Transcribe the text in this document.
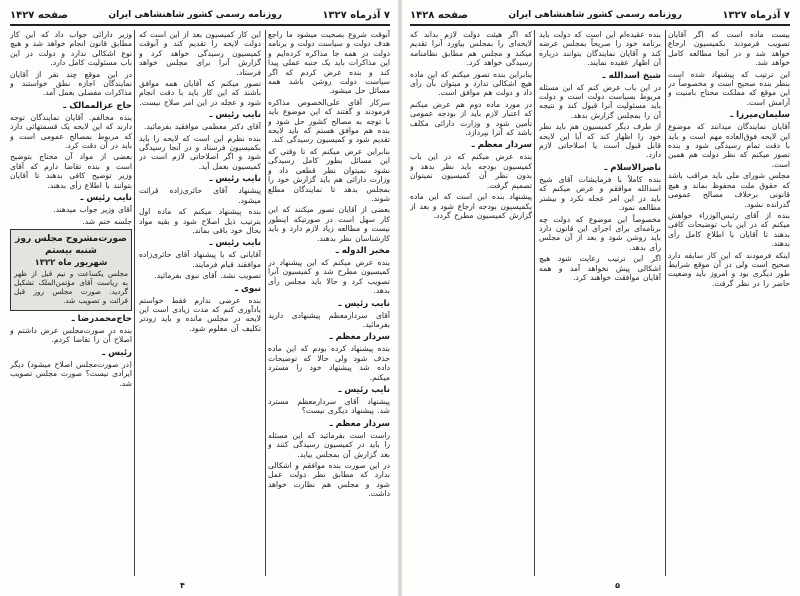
۷ آذرماه ۱۳۲۷
روزنامه رسمی کشور شاهنشاهی ایران
صفحه ۱۴۲۷

آنوقت شروع بصحبت میشود ما راجع هدف دولت و سیاست دولت و برنامه دولت در همه جا مذاکره کرده‌ایم و این مذاکرات باید یک جنبه عملی پیدا کند و بنده عرض کردم که اگر سیاست دولت روشن باشد همه مسائل حل میشود.

سرکار آقای علی‌الخصوص مذاکره فرمودند و گفتند که این موضوع باید با توجه به مصالح کشور حل شود و بنده هم موافق هستم که باید لایحه تقدیم شود و کمیسیون رسیدگی کند.

بنابراین عرض میکنم که تا وقتی که این مسائل بطور کامل رسیدگی نشود نمیتوان نظر قطعی داد و وزارت دارائی هم باید گزارش خود را بمجلس بدهد تا نمایندگان مطلع شوند.

بعضی از آقایان تصور میکنند که این کار سهل است در صورتیکه اینطور نیست و مطالعه زیاد لازم دارد و باید کارشناسان نظر بدهند.

مخبر الدوله ـ

بنده عرض میکنم که این پیشنهاد در کمیسیون مطرح شد و کمیسیون آنرا تصویب کرد و حالا باید مجلس رأی بدهد.

نایب رئیس ـ

آقای سردارمعظم پیشنهادی دارید بفرمائید.

سردار معظم ـ

بنده پیشنهاد کرده بودم که این ماده حذف شود ولی حالا که توضیحات داده شد پیشنهاد خود را مسترد میکنم.

نایب رئیس ـ

پیشنهاد آقای سردارمعظم مسترد شد. پیشنهاد دیگری نیست؟

سردار معظم ـ

راست است بفرمائید که این مسئله را باید در کمیسیون رسیدگی کنند و بعد گزارش آن بمجلس بیاید.

در این صورت بنده موافقم و اشکالی ندارد که مطابق نظر دولت عمل شود و مجلس هم نظارت خواهد داشت.

این کار کمیسیون بعد از این است که دولت لایحه را تقدیم کند و آنوقت کمیسیون رسیدگی خواهد کرد و گزارش آنرا برای مجلس خواهد فرستاد.

تصور میکنم که آقایان همه موافق باشند که این کار باید با دقت انجام شود و عجله در این امر صلاح نیست.

نایب رئیس ـ

آقای دکتر معظمی موافقید بفرمائید.

بنده نظرم این است که لایحه را باید بکمیسیون فرستاد و در آنجا رسیدگی شود و اگر اصلاحاتی لازم است در کمیسیون بعمل آید.

نایب رئیس ـ

پیشنهاد آقای حائری‌زاده قرائت میشود.

بنده پیشنهاد میکنم که ماده اول بترتیب ذیل اصلاح شود و بقیه مواد بحال خود باقی بماند.

نایب رئیس ـ

آقایانی که با پیشنهاد آقای حائری‌زاده موافقند قیام فرمایند.

تصویب نشد. آقای نبوی بفرمائید.

نبوی ـ

بنده عرضی ندارم فقط خواستم یادآوری کنم که مدت زیادی است این لایحه در مجلس مانده و باید زودتر تکلیف آن معلوم شود.

وزیر دارائی جواب داد که این کار مطابق قانون انجام خواهد شد و هیچ نوع اشکالی ندارد و دولت در این باب مسئولیت کامل دارد.

در این موقع چند نفر از آقایان نمایندگان اجازه نطق خواستند و مذاکرات مفصلی بعمل آمد.

حاج عزالممالک ـ

بنده مخالفم. آقایان نمایندگان توجه دارند که این لایحه یک قسمتهائی دارد که مربوط بمصالح عمومی است و باید در آن دقت کرد.

بعضی از مواد آن محتاج بتوضیح است و بنده تقاضا دارم که آقای وزیر توضیح کافی بدهند تا آقایان بتوانند با اطلاع رأی بدهند.

نایب رئیس ـ

آقای وزیر جواب میدهند.

جلسه ختم شد.

صورت‌مشروح مجلس روز شنبه بیستم
شهریور ماه ۱۳۲۲

مجلس یکساعت و نیم قبل از ظهر به ریاست آقای مؤتمن‌الملک تشکیل گردید. صورت مجلس روز قبل قرائت و تصویب شد.

حاج‌محمدرضا ـ

بنده در صورت‌مجلس عرض داشتم و اصلاح آن را تقاضا کردم.

رئیس ـ

(در صورت‌مجلس اصلاح میشود) دیگر ایرادی نیست؟ صورت مجلس تصویب شد.

۴
۷ آذرماه ۱۳۲۷
روزنامه رسمی کشور شاهنشاهی ایران
صفحه ۱۴۲۸

بیست ماده است که اگر آقایان تصویب فرمودند بکمیسیون ارجاع خواهد شد و در آنجا مطالعه کامل خواهد شد.

این ترتیب که پیشنهاد شده است بنظر بنده صحیح است و مخصوصاً در این موقع که مملکت محتاج بامنیت و آرامش است.

سلیمان‌میرزا ـ

آقایان نمایندگان میدانند که موضوع این لایحه فوق‌العاده مهم است و باید با دقت تمام رسیدگی شود و بنده تصور میکنم که نظر دولت هم همین است.

مجلس شورای ملی باید مراقب باشد که حقوق ملت محفوظ بماند و هیچ قانونی برخلاف مصالح عمومی گذرانده نشود.

بنده از آقای رئیس‌الوزراء خواهش میکنم که در این باب توضیحات کافی بدهند تا آقایان با اطلاع کامل رأی بدهند.

اینکه فرمودند که این کار سابقه دارد صحیح است ولی در آن موقع شرایط طور دیگری بود و امروز باید وضعیت حاضر را در نظر گرفت.

بنده عقیده‌ام این است که دولت باید برنامه خود را صریحاً بمجلس عرضه کند و آقایان نمایندگان بتوانند درباره آن اظهار عقیده نمایند.

شیخ اسدالله ـ

در این باب عرض کنم که این مسئله مربوط بسیاست دولت است و دولت باید مسئولیت آنرا قبول کند و نتیجه آن را بمجلس گزارش بدهد.

از طرف دیگر کمیسیون هم باید نظر خود را اظهار کند که آیا این لایحه قابل قبول است یا اصلاحاتی لازم دارد.

ناصرالاسلام ـ

بنده کاملاً با فرمایشات آقای شیخ اسدالله موافقم و عرض میکنم که باید در این امر عجله نکرد و بیشتر مطالعه نمود.

مخصوصاً این موضوع که دولت چه برنامه‌ای برای اجرای این قانون دارد باید روشن شود و بعد از آن مجلس رأی بدهد.

اگر این ترتیب رعایت شود هیچ اشکالی پیش نخواهد آمد و همه آقایان موافقت خواهند کرد.

که اگر هیئت دولت لازم بداند که لایحه‌ای را بمجلس بیاورد آنرا تقدیم میکند و مجلس هم مطابق نظامنامه رسیدگی خواهد کرد.

بنابراین بنده تصور میکنم که این ماده هیچ اشکالی ندارد و میتوان بآن رأی داد و دولت هم موافق است.

در مورد ماده دوم هم عرض میکنم که اعتبار لازم باید از بودجه عمومی تأمین شود و وزارت دارائی مکلف باشد که آنرا بپردازد.

سردار معظم ـ

بنده عرض میکنم که در این باب کمیسیون بودجه باید نظر بدهد و بدون نظر آن کمیسیون نمیتوان تصمیم گرفت.

پیشنهاد بنده این است که این ماده بکمیسیون بودجه ارجاع شود و بعد از گزارش کمیسیون مطرح گردد.

۵
